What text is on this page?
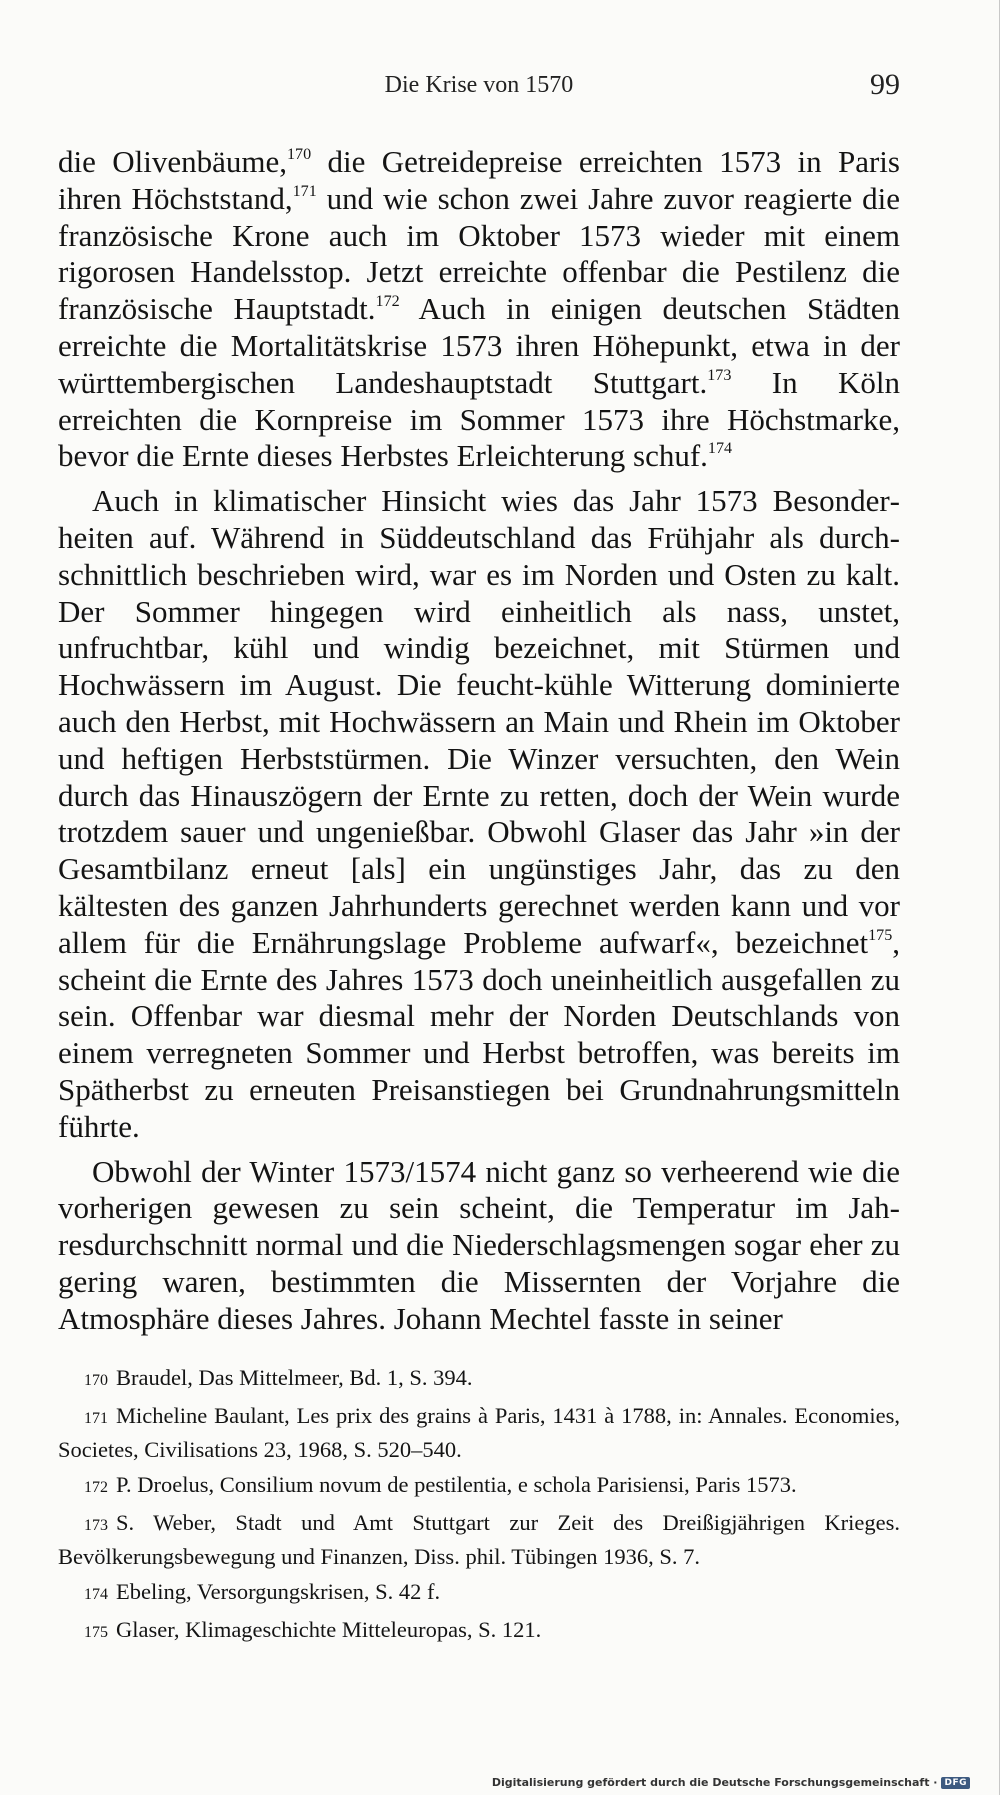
Die Krise von 1570	99

die Olivenbäume,$^{170}$ die Getreidepreise erreichten 1573 in Paris ihren Höchststand,$^{171}$ und wie schon zwei Jahre zuvor reagierte die französische Krone auch im Oktober 1573 wieder mit einem rigorosen Handelsstop. Jetzt erreichte offenbar die Pestilenz die französische Hauptstadt.$^{172}$ Auch in einigen deutschen Städten erreichte die Mortalitätskrise 1573 ihren Höhepunkt, etwa in der württembergischen Landeshauptstadt Stuttgart.$^{173}$ In Köln erreichten die Kornpreise im Sommer 1573 ihre Höchstmarke, bevor die Ernte dieses Herbstes Erleichterung schuf.$^{174}$

Auch in klimatischer Hinsicht wies das Jahr 1573 Besonderheiten auf. Während in Süddeutschland das Frühjahr als durchschnittlich beschrieben wird, war es im Norden und Osten zu kalt. Der Sommer hingegen wird einheitlich als nass, unstet, unfruchtbar, kühl und windig bezeichnet, mit Stürmen und Hochwässern im August. Die feucht-kühle Witterung dominierte auch den Herbst, mit Hochwässern an Main und Rhein im Oktober und heftigen Herbststürmen. Die Winzer versuchten, den Wein durch das Hinauszögern der Ernte zu retten, doch der Wein wurde trotzdem sauer und ungenießbar. Obwohl Glaser das Jahr »in der Gesamtbilanz erneut [als] ein ungünstiges Jahr, das zu den kältesten des ganzen Jahrhunderts gerechnet werden kann und vor allem für die Ernährungslage Probleme aufwarf«, bezeichnet$^{175}$, scheint die Ernte des Jahres 1573 doch uneinheitlich ausgefallen zu sein. Offenbar war diesmal mehr der Norden Deutschlands von einem verregneten Sommer und Herbst betroffen, was bereits im Spätherbst zu erneuten Preisanstiegen bei Grundnahrungsmitteln führte.

Obwohl der Winter 1573/1574 nicht ganz so verheerend wie die vorherigen gewesen zu sein scheint, die Temperatur im Jahresdurchschnitt normal und die Niederschlagsmengen sogar eher zu gering waren, bestimmten die Missernten der Vorjahre die Atmosphäre dieses Jahres. Johann Mechtel fasste in seiner

170 Braudel, Das Mittelmeer, Bd. 1, S. 394.

171 Micheline Baulant, Les prix des grains à Paris, 1431 à 1788, in: Annales. Economies, Societes, Civilisations 23, 1968, S. 520–540.

172 P. Droelus, Consilium novum de pestilentia, e schola Parisiensi, Paris 1573.

173 S. Weber, Stadt und Amt Stuttgart zur Zeit des Dreißigjährigen Krieges. Bevölkerungsbewegung und Finanzen, Diss. phil. Tübingen 1936, S. 7.

174 Ebeling, Versorgungskrisen, S. 42 f.

175 Glaser, Klimageschichte Mitteleuropas, S. 121.

Digitalisierung gefördert durch die Deutsche Forschungsgemeinschaft · DFG
